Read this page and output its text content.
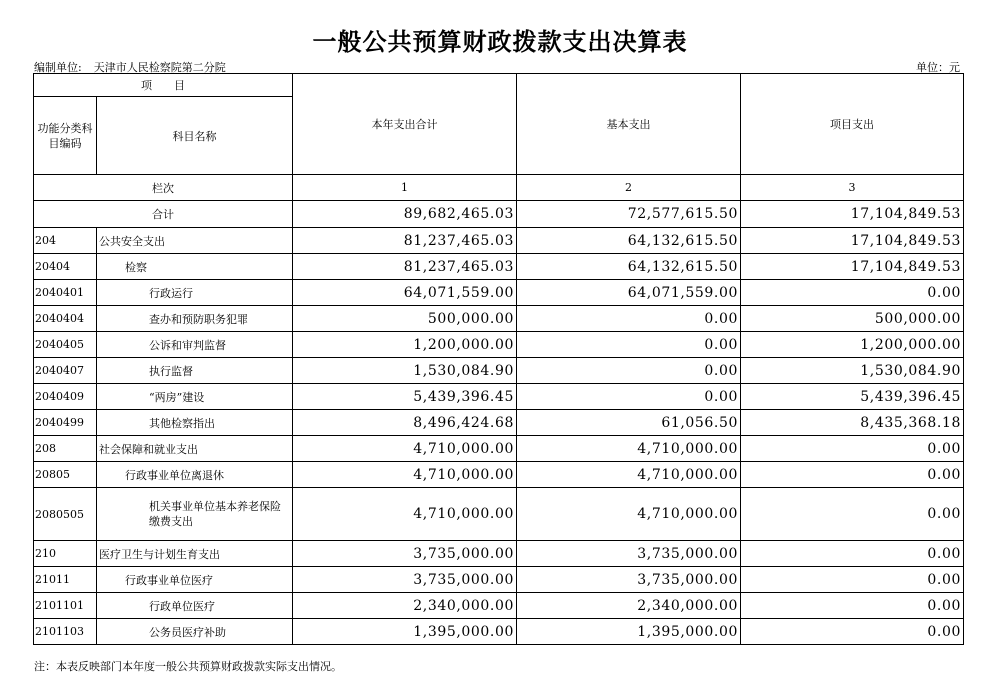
一般公共预算财政拨款支出决算表
编制单位: 天津市人民检察院第二分院	单位：元
项　　目		本年支出合计	基本支出	项目支出
功能分类科目编码	科目名称			
栏次		1	2	3
合计		89,682,465.03	72,577,615.50	17,104,849.53
204	公共安全支出	81,237,465.03	64,132,615.50	17,104,849.53
20404	检察	81,237,465.03	64,132,615.50	17,104,849.53
2040401	行政运行	64,071,559.00	64,071,559.00	0.00
2040404	查办和预防职务犯罪	500,000.00	0.00	500,000.00
2040405	公诉和审判监督	1,200,000.00	0.00	1,200,000.00
2040407	执行监督	1,530,084.90	0.00	1,530,084.90
2040409	“两房”建设	5,439,396.45	0.00	5,439,396.45
2040499	其他检察指出	8,496,424.68	61,056.50	8,435,368.18
208	社会保障和就业支出	4,710,000.00	4,710,000.00	0.00
20805	行政事业单位离退休	4,710,000.00	4,710,000.00	0.00
2080505	机关事业单位基本养老保险缴费支出	4,710,000.00	4,710,000.00	0.00
210	医疗卫生与计划生育支出	3,735,000.00	3,735,000.00	0.00
21011	行政事业单位医疗	3,735,000.00	3,735,000.00	0.00
2101101	行政单位医疗	2,340,000.00	2,340,000.00	0.00
2101103	公务员医疗补助	1,395,000.00	1,395,000.00	0.00
注：本表反映部门本年度一般公共预算财政拨款实际支出情况。
